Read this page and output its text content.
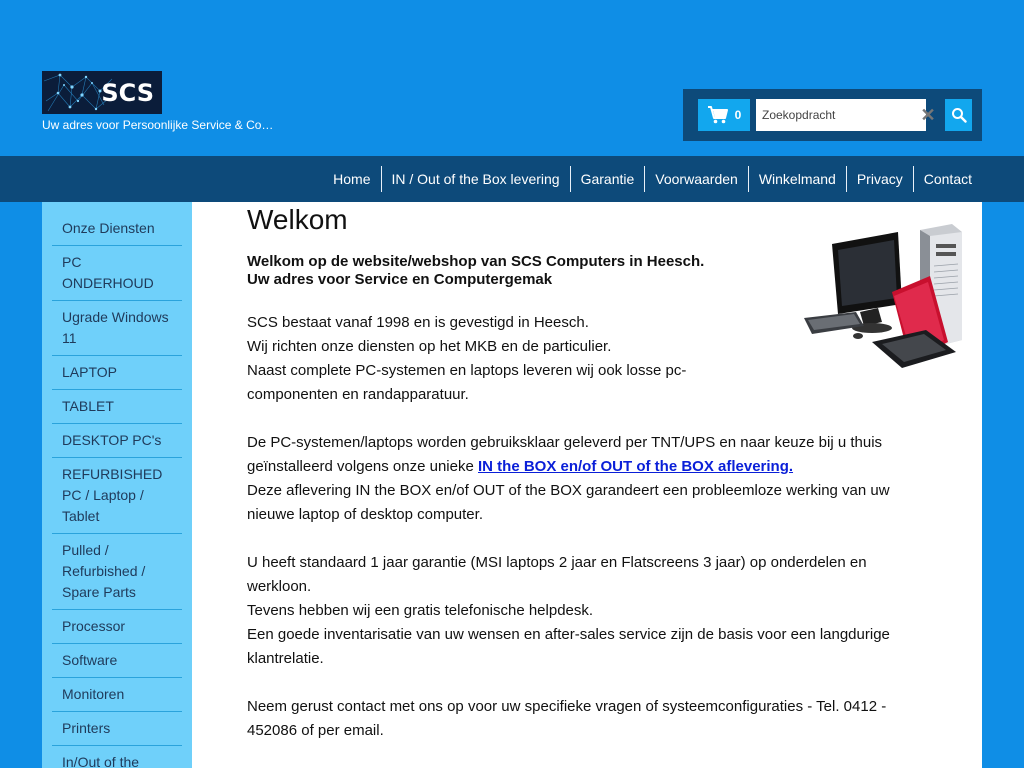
SCS
Uw adres voor Persoonlijke Service & Co…
0
Zoekopdracht	✕
Home	IN / Out of the Box levering	Garantie	Voorwaarden	Winkelmand	Privacy	Contact
Onze Diensten
PC ONDERHOUD
Ugrade Windows 11
LAPTOP
TABLET
DESKTOP PC's
REFURBISHED PC / Laptop / Tablet
Pulled / Refurbished / Spare Parts
Processor
Software
Monitoren
Printers
In/Out of the
Welkom
Welkom op de website/webshop van SCS Computers in Heesch.
Uw adres voor Service en Computergemak
SCS bestaat vanaf 1998 en is gevestigd in Heesch.
Wij richten onze diensten op het MKB en de particulier.
Naast complete PC-systemen en laptops leveren wij ook losse pc-
componenten en randapparatuur.
De PC-systemen/laptops worden gebruiksklaar geleverd per TNT/UPS en naar keuze bij u thuis
geïnstalleerd volgens onze unieke IN the BOX en/of OUT of the BOX aflevering.
Deze aflevering IN the BOX en/of OUT of the BOX garandeert een probleemloze werking van uw
nieuwe laptop of desktop computer.
U heeft standaard 1 jaar garantie (MSI laptops 2 jaar en Flatscreens 3 jaar) op onderdelen en
werkloon.
Tevens hebben wij een gratis telefonische helpdesk.
Een goede inventarisatie van uw wensen en after-sales service zijn de basis voor een langdurige
klantrelatie.
Neem gerust contact met ons op voor uw specifieke vragen of systeemconfiguraties - Tel. 0412 -
452086 of per email.
